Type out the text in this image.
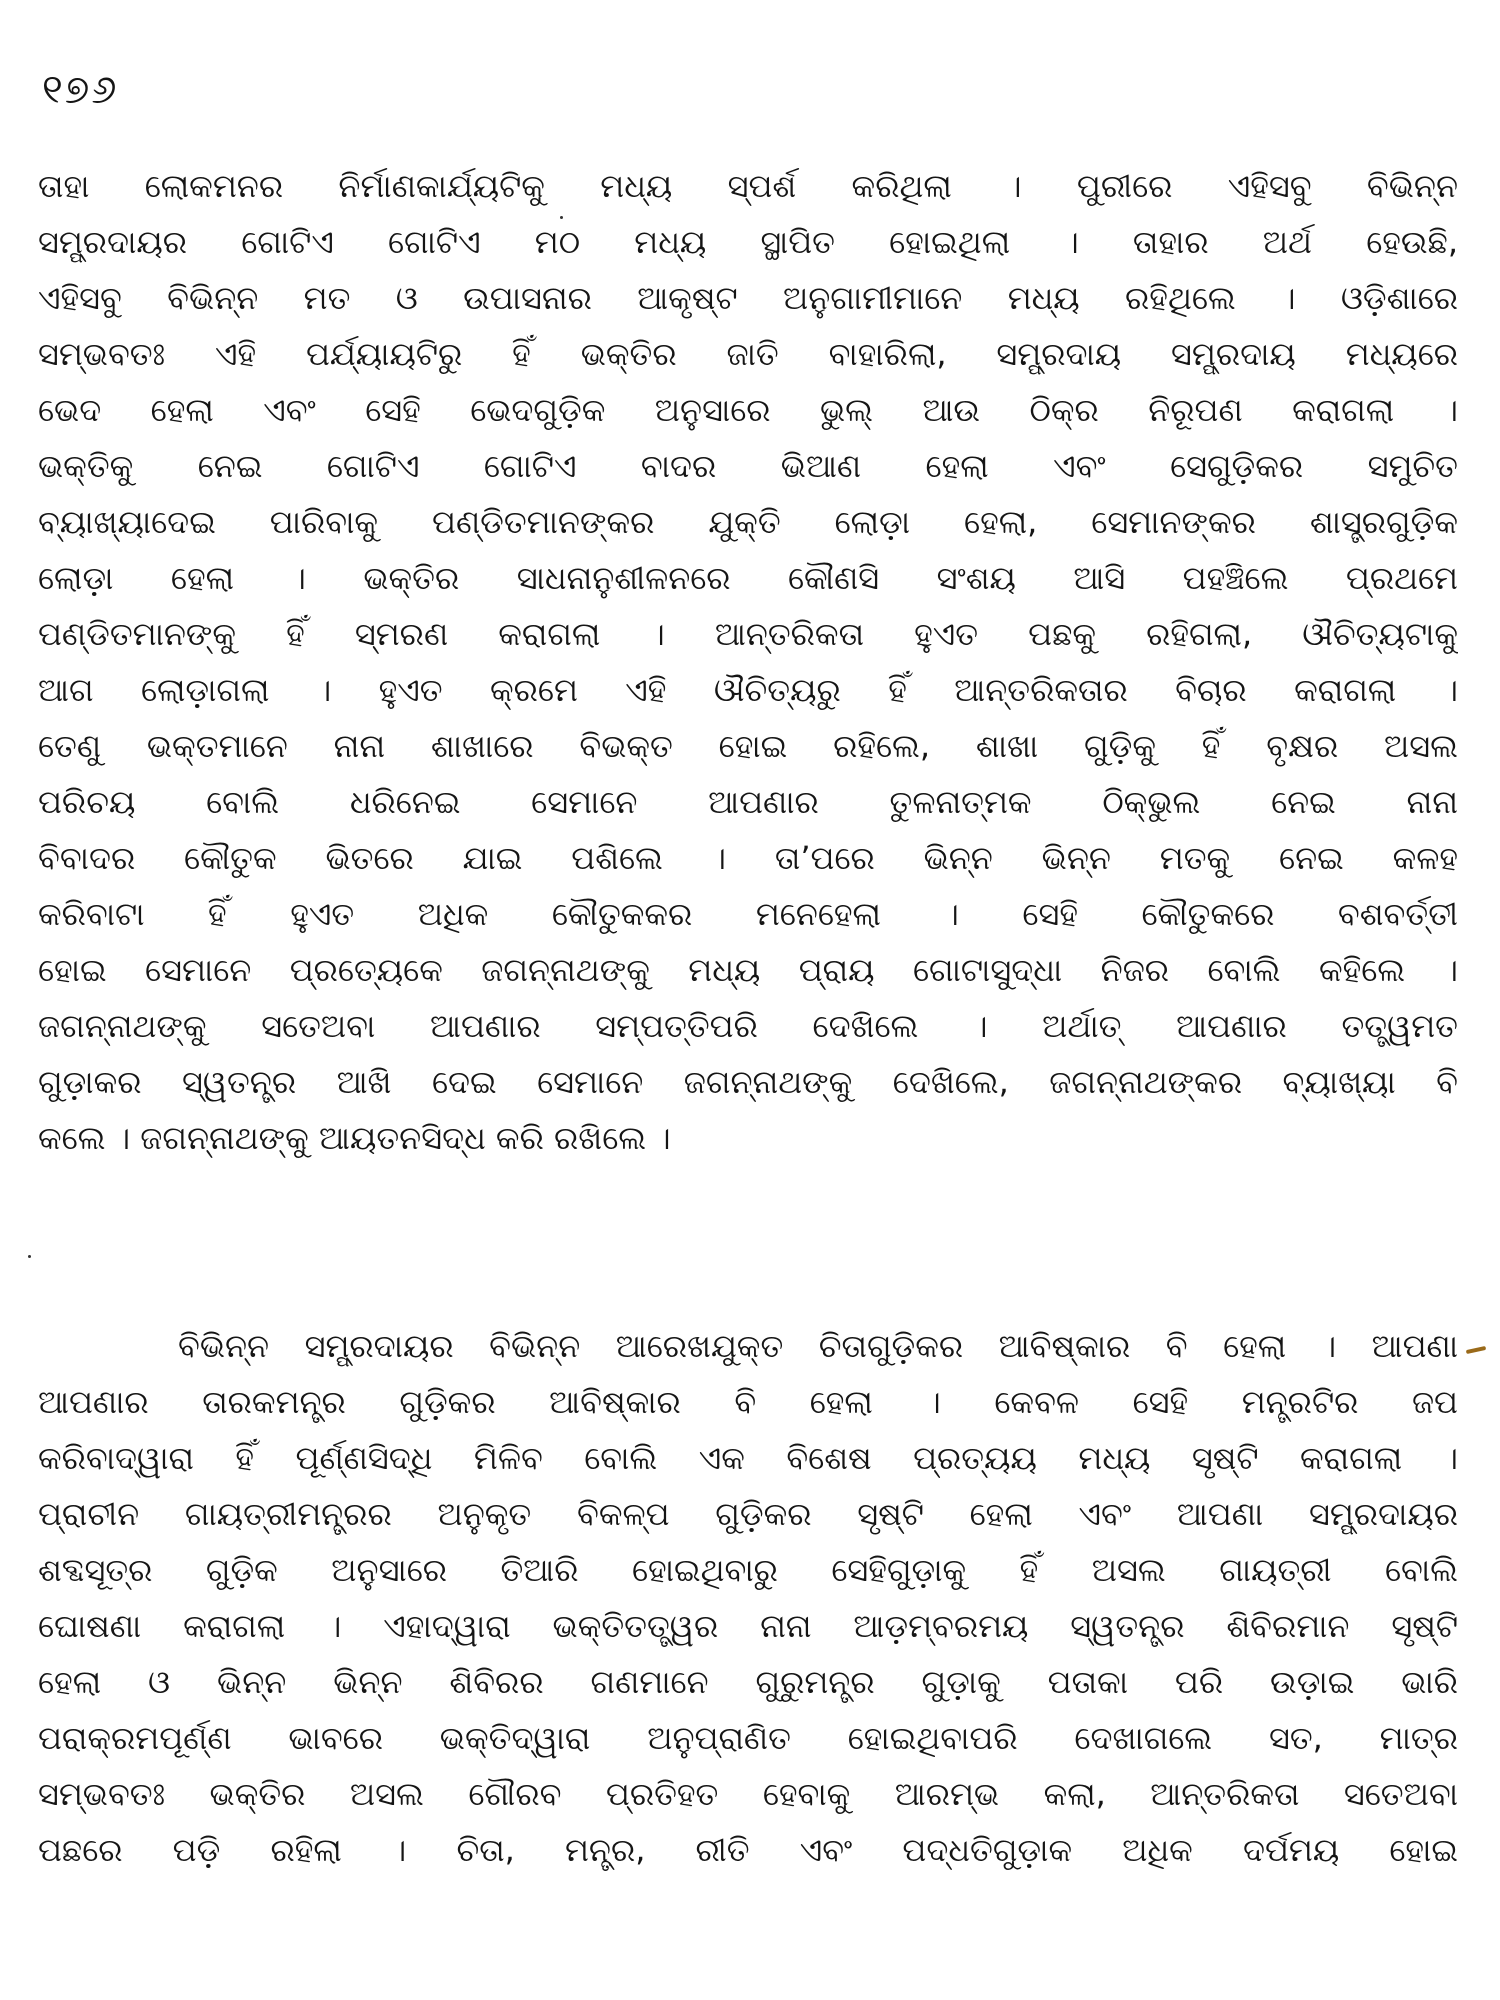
୧୭୬
ତାହା ଲୋକମନର ନିର୍ମାଣକାର୍ଯ୍ୟଟିକୁ ମଧ୍ୟ ସ୍ପର୍ଶ କରିଥିଲା । ପୁରୀରେ ଏହିସବୁ ବିଭିନ୍ନ
ସମ୍ପ୍ରଦାୟର ଗୋଟିଏ ଗୋଟିଏ ମଠ ମଧ୍ୟ ସ୍ଥାପିତ ହୋଇଥିଲା । ତାହାର ଅର୍ଥ ହେଉଛି,
ଏହିସବୁ ବିଭିନ୍ନ ମତ ଓ ଉପାସନାର ଆକୃଷ୍ଟ ଅନୁଗାମୀମାନେ ମଧ୍ୟ ରହିଥିଲେ । ଓଡ଼ିଶାରେ
ସମ୍ଭବତଃ ଏହି ପର୍ଯ୍ୟାୟଟିରୁ ହିଁ ଭକ୍ତିର ଜାତି ବାହାରିଲା, ସମ୍ପ୍ରଦାୟ ସମ୍ପ୍ରଦାୟ ମଧ୍ୟରେ
ଭେଦ ହେଲା ଏବଂ ସେହି ଭେଦଗୁଡ଼ିକ ଅନୁସାରେ ଭୁଲ୍ ଆଉ ଠିକ୍ର ନିରୂପଣ କରାଗଲା ।
ଭକ୍ତିକୁ ନେଇ ଗୋଟିଏ ଗୋଟିଏ ବାଦର ଭିଆଣ ହେଲା ଏବଂ ସେଗୁଡ଼ିକର ସମୁଚିତ
ବ୍ୟାଖ୍ୟାଦେଇ ପାରିବାକୁ ପଣ୍ଡିତମାନଙ୍କର ଯୁକ୍ତି ଲୋଡ଼ା ହେଲା, ସେମାନଙ୍କର ଶାସ୍ତ୍ରଗୁଡ଼ିକ
ଲୋଡ଼ା ହେଲା । ଭକ୍ତିର ସାଧନାନୁଶୀଳନରେ କୌଣସି ସଂଶୟ ଆସି ପହଞ୍ଚିଲେ ପ୍ରଥମେ
ପଣ୍ଡିତମାନଙ୍କୁ ହିଁ ସ୍ମରଣ କରାଗଲା । ଆନ୍ତରିକତା ହୁଏତ ପଛକୁ ରହିଗଲା, ଔଚିତ୍ୟଟାକୁ
ଆଗ ଲୋଡ଼ାଗଲା । ହୁଏତ କ୍ରମେ ଏହି ଔଚିତ୍ୟରୁ ହିଁ ଆନ୍ତରିକତାର ବିଚାର କରାଗଲା ।
ତେଣୁ ଭକ୍ତମାନେ ନାନା ଶାଖାରେ ବିଭକ୍ତ ହୋଇ ରହିଲେ, ଶାଖା ଗୁଡ଼ିକୁ ହିଁ ବୃକ୍ଷର ଅସଲ
ପରିଚୟ ବୋଲି ଧରିନେଇ ସେମାନେ ଆପଣାର ତୁଳନାତ୍ମକ ଠିକ୍ଭୁଲ ନେଇ ନାନା
ବିବାଦର କୌତୁକ ଭିତରେ ଯାଇ ପଶିଲେ । ତା’ପରେ ଭିନ୍ନ ଭିନ୍ନ ମତକୁ ନେଇ କଳହ
କରିବାଟା ହିଁ ହୁଏତ ଅଧିକ କୌତୁକକର ମନେହେଲା । ସେହି କୌତୁକରେ ବଶବର୍ତ୍ତୀ
ହୋଇ ସେମାନେ ପ୍ରତ୍ୟେକେ ଜଗନ୍ନାଥଙ୍କୁ ମଧ୍ୟ ପ୍ରାୟ ଗୋଟାସୁଦ୍ଧା ନିଜର ବୋଲି କହିଲେ ।
ଜଗନ୍ନାଥଙ୍କୁ ସତେଅବା ଆପଣାର ସମ୍ପତ୍ତିପରି ଦେଖିଲେ । ଅର୍ଥାତ୍ ଆପଣାର ତତ୍ତ୍ୱମତ
ଗୁଡ଼ାକର ସ୍ୱତନ୍ତ୍ର ଆଖି ଦେଇ ସେମାନେ ଜଗନ୍ନାଥଙ୍କୁ ଦେଖିଲେ, ଜଗନ୍ନାଥଙ୍କର ବ୍ୟାଖ୍ୟା ବି
କଲେ । ଜଗନ୍ନାଥଙ୍କୁ ଆୟତନସିଦ୍ଧ କରି ରଖିଲେ ।
ବିଭିନ୍ନ ସମ୍ପ୍ରଦାୟର ବିଭିନ୍ନ ଆରେଖଯୁକ୍ତ ଚିତାଗୁଡ଼ିକର ଆବିଷ୍କାର ବି ହେଲା । ଆପଣା
ଆପଣାର ତାରକମନ୍ତ୍ର ଗୁଡ଼ିକର ଆବିଷ୍କାର ବି ହେଲା । କେବଳ ସେହି ମନ୍ତ୍ରଟିର ଜପ
କରିବାଦ୍ୱାରା ହିଁ ପୂର୍ଣ୍ଣସିଦ୍ଧି ମିଳିବ ବୋଲି ଏକ ବିଶେଷ ପ୍ରତ୍ୟୟ ମଧ୍ୟ ସୃଷ୍ଟି କରାଗଲା ।
ପ୍ରାଚୀନ ଗାୟତ୍ରୀମନ୍ତ୍ରର ଅନୁକୃତ ବିକଳ୍ପ ଗୁଡ଼ିକର ସୃଷ୍ଟି ହେଲା ଏବଂ ଆପଣା ସମ୍ପ୍ରଦାୟର
ଶବ୍ଦସୂତ୍ର ଗୁଡ଼ିକ ଅନୁସାରେ ତିଆରି ହୋଇଥିବାରୁ ସେହିଗୁଡ଼ାକୁ ହିଁ ଅସଲ ଗାୟତ୍ରୀ ବୋଲି
ଘୋଷଣା କରାଗଲା । ଏହାଦ୍ୱାରା ଭକ୍ତିତତ୍ତ୍ୱର ନାନା ଆଡ଼ମ୍ବରମୟ ସ୍ୱତନ୍ତ୍ର ଶିବିରମାନ ସୃଷ୍ଟି
ହେଲା ଓ ଭିନ୍ନ ଭିନ୍ନ ଶିବିରର ଗଣମାନେ ଗୁରୁମନ୍ତ୍ର ଗୁଡ଼ାକୁ ପତାକା ପରି ଉଡ଼ାଇ ଭାରି
ପରାକ୍ରମପୂର୍ଣ୍ଣ ଭାବରେ ଭକ୍ତିଦ୍ୱାରା ଅନୁପ୍ରାଣିତ ହୋଇଥିବାପରି ଦେଖାଗଲେ ସତ, ମାତ୍ର
ସମ୍ଭବତଃ ଭକ୍ତିର ଅସଲ ଗୌରବ ପ୍ରତିହତ ହେବାକୁ ଆରମ୍ଭ କଲା, ଆନ୍ତରିକତା ସତେଅବା
ପଛରେ ପଡ଼ି ରହିଲା । ଚିତା, ମନ୍ତ୍ର, ରୀତି ଏବଂ ପଦ୍ଧତିଗୁଡ଼ାକ ଅଧିକ ଦର୍ପମୟ ହୋଇ
